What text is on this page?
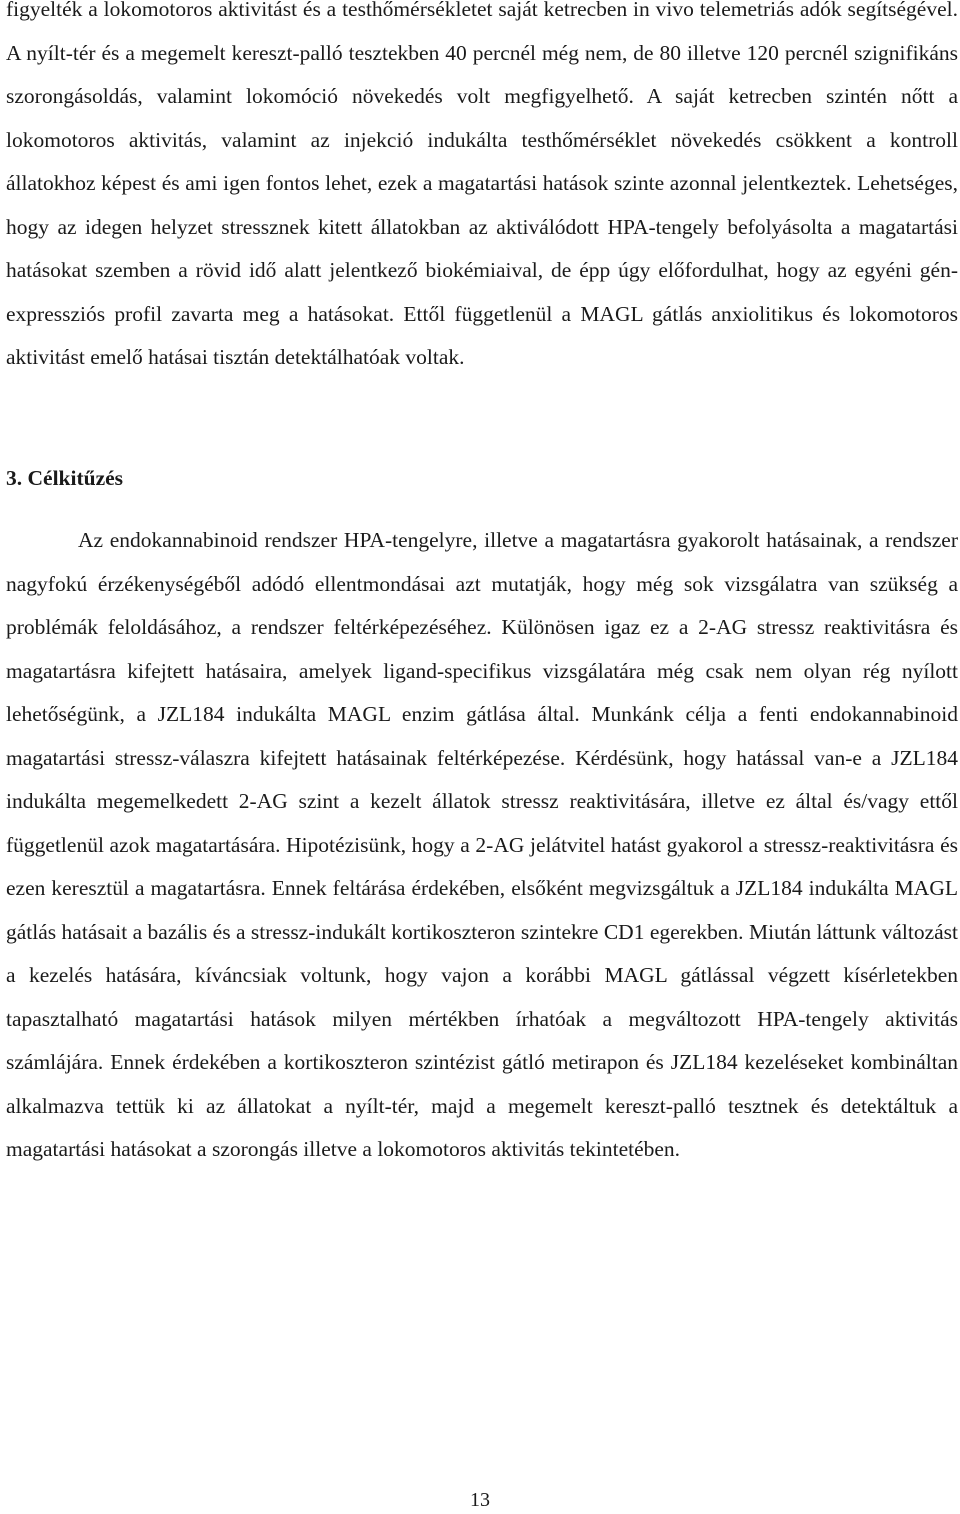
figyelték a lokomotoros aktivitást és a testhőmérsékletet saját ketrecben in vivo telemetriás adók segítségével. A nyílt-tér és a megemelt kereszt-palló tesztekben 40 percnél még nem, de 80 illetve 120 percnél szignifikáns szorongásoldás, valamint lokomóció növekedés volt megfigyelhető. A saját ketrecben szintén nőtt a lokomotoros aktivitás, valamint az injekció indukálta testhőmérséklet növekedés csökkent a kontroll állatokhoz képest és ami igen fontos lehet, ezek a magatartási hatások szinte azonnal jelentkeztek. Lehetséges, hogy az idegen helyzet stressznek kitett állatokban az aktiválódott HPA-tengely befolyásolta a magatartási hatásokat szemben a rövid idő alatt jelentkező biokémiaival, de épp úgy előfordulhat, hogy az egyéni gén-expressziós profil zavarta meg a hatásokat. Ettől függetlenül a MAGL gátlás anxiolitikus és lokomotoros aktivitást emelő hatásai tisztán detektálhatóak voltak.

3. Célkitűzés

Az endokannabinoid rendszer HPA-tengelyre, illetve a magatartásra gyakorolt hatásainak, a rendszer nagyfokú érzékenységéből adódó ellentmondásai azt mutatják, hogy még sok vizsgálatra van szükség a problémák feloldásához, a rendszer feltérképezéséhez. Különösen igaz ez a 2-AG stressz reaktivitásra és magatartásra kifejtett hatásaira, amelyek ligand-specifikus vizsgálatára még csak nem olyan rég nyílott lehetőségünk, a JZL184 indukálta MAGL enzim gátlása által. Munkánk célja a fenti endokannabinoid magatartási stressz-válaszra kifejtett hatásainak feltérképezése. Kérdésünk, hogy hatással van-e a JZL184 indukálta megemelkedett 2-AG szint a kezelt állatok stressz reaktivitására, illetve ez által és/vagy ettől függetlenül azok magatartására. Hipotézisünk, hogy a 2-AG jelátvitel hatást gyakorol a stressz-reaktivitásra és ezen keresztül a magatartásra. Ennek feltárása érdekében, elsőként megvizsgáltuk a JZL184 indukálta MAGL gátlás hatásait a bazális és a stressz-indukált kortikoszteron szintekre CD1 egerekben. Miután láttunk változást a kezelés hatására, kíváncsiak voltunk, hogy vajon a korábbi MAGL gátlással végzett kísérletekben tapasztalható magatartási hatások milyen mértékben írhatóak a megváltozott HPA-tengely aktivitás számlájára. Ennek érdekében a kortikoszteron szintézist gátló metirapon és JZL184 kezeléseket kombináltan alkalmazva tettük ki az állatokat a nyílt-tér, majd a megemelt kereszt-palló tesztnek és detektáltuk a magatartási hatásokat a szorongás illetve a lokomotoros aktivitás tekintetében.

13
